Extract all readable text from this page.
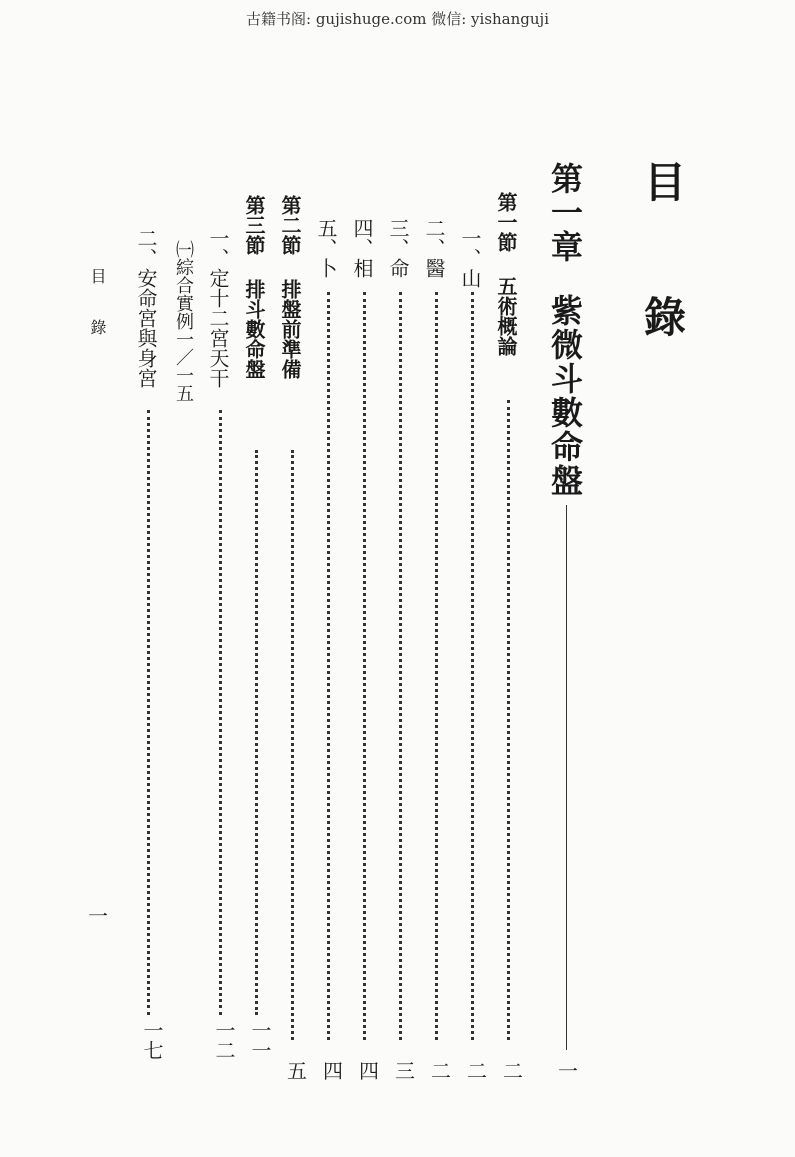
古籍书阁: gujishuge.com 微信: yishanguji
目 錄
第一章紫微斗數命盤
一
第一節五術概論
二
一、山
二
二、醫
二
三、命
三
四、相
四
五、卜
四
第二節排盤前準備
五
第三節排斗數命盤
一一
一、定十二宮天干
一二
㈠綜合實例一／一五
二、安命宮與身宮
一七
目 錄
一
